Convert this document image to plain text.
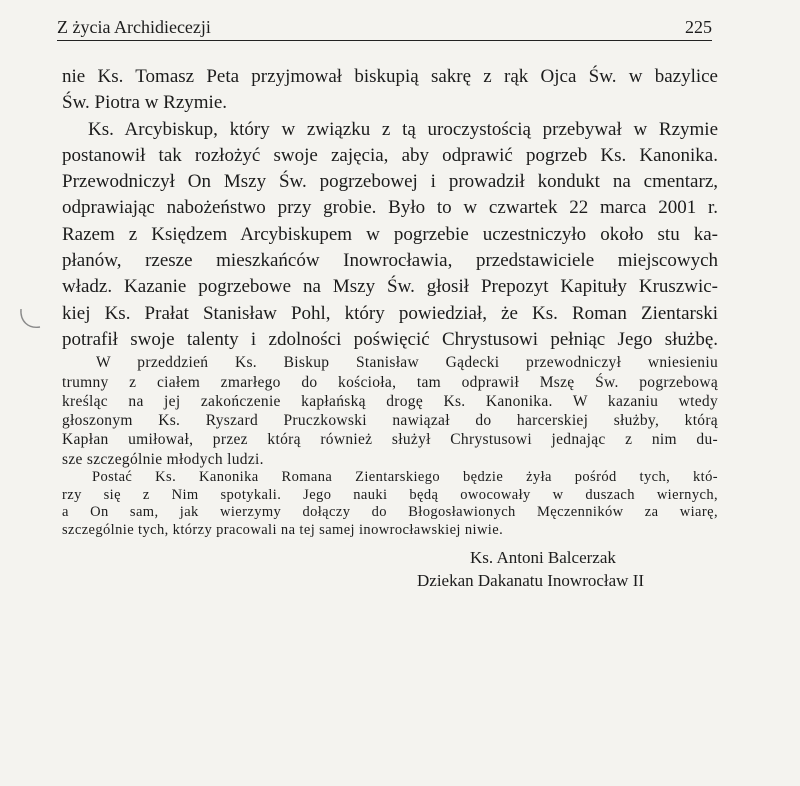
Z życia Archidiecezji	225
nie Ks. Tomasz Peta przyjmował biskupią sakrę z rąk Ojca Św. w bazylice
Św. Piotra w Rzymie.
Ks. Arcybiskup, który w związku z tą uroczystością przebywał w Rzymie
postanowił tak rozłożyć swoje zajęcia, aby odprawić pogrzeb Ks. Kanonika.
Przewodniczył On Mszy Św. pogrzebowej i prowadził kondukt na cmentarz,
odprawiając nabożeństwo przy grobie. Było to w czwartek 22 marca 2001 r.
Razem z Księdzem Arcybiskupem w pogrzebie uczestniczyło około stu ka-
płanów, rzesze mieszkańców Inowrocławia, przedstawiciele miejscowych
władz. Kazanie pogrzebowe na Mszy Św. głosił Prepozyt Kapituły Kruszwic-
kiej Ks. Prałat Stanisław Pohl, który powiedział, że Ks. Roman Zientarski
potrafił swoje talenty i zdolności poświęcić Chrystusowi pełniąc Jego służbę.
W przeddzień Ks. Biskup Stanisław Gądecki przewodniczył wniesieniu
trumny z ciałem zmarłego do kościoła, tam odprawił Mszę Św. pogrzebową
kreśląc na jej zakończenie kapłańską drogę Ks. Kanonika. W kazaniu wtedy
głoszonym Ks. Ryszard Pruczkowski nawiązał do harcerskiej służby, którą
Kapłan umiłował, przez którą również służył Chrystusowi jednając z nim du-
sze szczególnie młodych ludzi.
Postać Ks. Kanonika Romana Zientarskiego będzie żyła pośród tych, któ-
rzy się z Nim spotykali. Jego nauki będą owocowały w duszach wiernych,
a On sam, jak wierzymy dołączy do Błogosławionych Męczenników za wiarę,
szczególnie tych, którzy pracowali na tej samej inowrocławskiej niwie.
Ks. Antoni Balcerzak
Dziekan Dakanatu Inowrocław II
